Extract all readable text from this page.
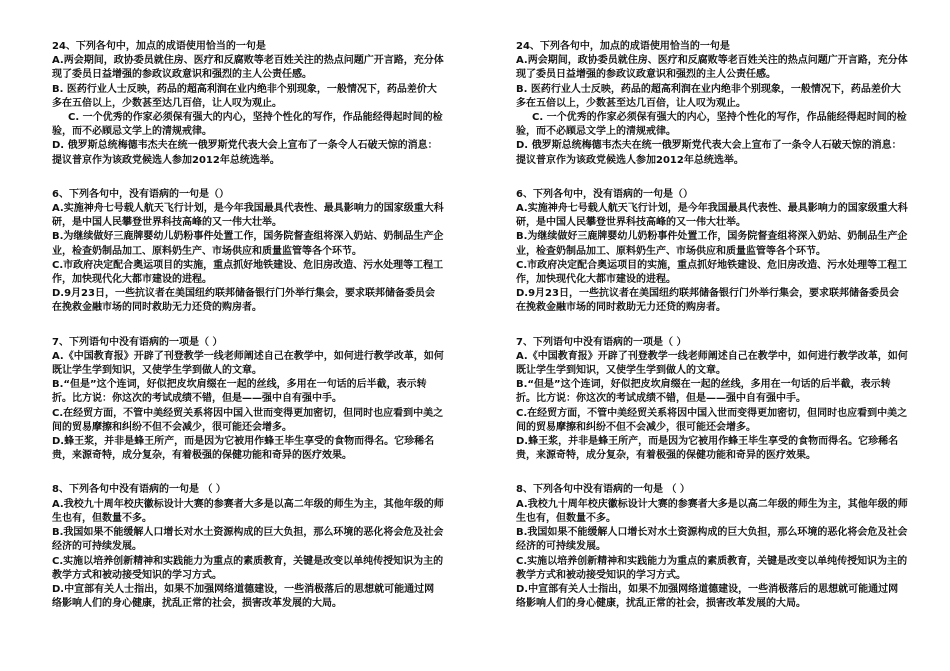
24、下列各句中，加点的成语使用恰当的一句是

A.两会期间，政协委员就住房、医疗和反腐败等老百姓关注的热点问题广开言路，充分体现了委员日益增强的参政议政意识和强烈的主人公责任感。

B. 医药行业人士反映，药品的超高利润在业内绝非个别现象，一般情况下，药品差价大多在五倍以上，少数甚至达几百倍，让人叹为观止。

C. 一个优秀的作家必须保有强大的内心，坚持个性化的写作，作品能经得起时间的检验，而不必顾忌文学上的清规戒律。

D. 俄罗斯总统梅德韦杰夫在统一俄罗斯党代表大会上宣布了一条令人石破天惊的消息：提议普京作为该政党候选人参加2012年总统选举。

6、下列各句中，没有语病的一句是（）

A.实施神舟七号载人航天飞行计划，是今年我国最具代表性、最具影响力的国家级重大科研，是中国人民攀登世界科技高峰的又一伟大壮举。

B.为继续做好三鹿牌婴幼儿奶粉事件处置工作，国务院督查组将深入奶站、奶制品生产企业，检查奶制品加工、原料奶生产、市场供应和质量监管等各个环节。

C.市政府决定配合奥运项目的实施，重点抓好地铁建设、危旧房改造、污水处理等工程工作，加快现代化大都市建设的进程。

D.9月23日，一些抗议者在美国纽约联邦储备银行门外举行集会，要求联邦储备委员会在挽救金融市场的同时救助无力还贷的购房者。

7、下列语句中没有语病的一项是（ ）

A.《中国教育报》开辟了刊登教学一线老师阐述自己在教学中，如何进行教学改革，如何既让学生学到知识，又使学生学到做人的文章。

B.“但是”这个连词，好似把皮坎肩缀在一起的丝线，多用在一句话的后半截，表示转折。比方说：你这次的考试成绩不错，但是——强中自有强中手。

C.在经贸方面，不管中美经贸关系将因中国入世而变得更加密切，但同时也应看到中美之间的贸易摩擦和纠纷不但不会减少，很可能还会增多。

D.蜂王浆，并非是蜂王所产，而是因为它被用作蜂王毕生享受的食物而得名。它珍稀名贵，来源奇特，成分复杂，有着极强的保健功能和奇异的医疗效果。

8、下列各句中没有语病的一句是 （ ）

A.我校九十周年校庆徽标设计大赛的参赛者大多是以高二年级的师生为主，其他年级的师生也有，但数量不多。

B.我国如果不能缓解人口增长对水土资源构成的巨大负担，那么环境的恶化将会危及社会经济的可持续发展。

C.实施以培养创新精神和实践能力为重点的素质教育，关键是改变以单纯传授知识为主的教学方式和被动接受知识的学习方式。

D.中宣部有关人士指出，如果不加强网络道德建设，一些消极落后的思想就可能通过网络影响人们的身心健康，扰乱正常的社会，损害改革发展的大局。

24、下列各句中，加点的成语使用恰当的一句是

A.两会期间，政协委员就住房、医疗和反腐败等老百姓关注的热点问题广开言路，充分体现了委员日益增强的参政议政意识和强烈的主人公责任感。

B. 医药行业人士反映，药品的超高利润在业内绝非个别现象，一般情况下，药品差价大多在五倍以上，少数甚至达几百倍，让人叹为观止。

C. 一个优秀的作家必须保有强大的内心，坚持个性化的写作，作品能经得起时间的检验，而不必顾忌文学上的清规戒律。

D. 俄罗斯总统梅德韦杰夫在统一俄罗斯党代表大会上宣布了一条令人石破天惊的消息：提议普京作为该政党候选人参加2012年总统选举。

6、下列各句中，没有语病的一句是（）

A.实施神舟七号载人航天飞行计划，是今年我国最具代表性、最具影响力的国家级重大科研，是中国人民攀登世界科技高峰的又一伟大壮举。

B.为继续做好三鹿牌婴幼儿奶粉事件处置工作，国务院督查组将深入奶站、奶制品生产企业，检查奶制品加工、原料奶生产、市场供应和质量监管等各个环节。

C.市政府决定配合奥运项目的实施，重点抓好地铁建设、危旧房改造、污水处理等工程工作，加快现代化大都市建设的进程。

D.9月23日，一些抗议者在美国纽约联邦储备银行门外举行集会，要求联邦储备委员会在挽救金融市场的同时救助无力还贷的购房者。

7、下列语句中没有语病的一项是（ ）

A.《中国教育报》开辟了刊登教学一线老师阐述自己在教学中，如何进行教学改革，如何既让学生学到知识，又使学生学到做人的文章。

B.“但是”这个连词，好似把皮坎肩缀在一起的丝线，多用在一句话的后半截，表示转折。比方说：你这次的考试成绩不错，但是——强中自有强中手。

C.在经贸方面，不管中美经贸关系将因中国入世而变得更加密切，但同时也应看到中美之间的贸易摩擦和纠纷不但不会减少，很可能还会增多。

D.蜂王浆，并非是蜂王所产，而是因为它被用作蜂王毕生享受的食物而得名。它珍稀名贵，来源奇特，成分复杂，有着极强的保健功能和奇异的医疗效果。

8、下列各句中没有语病的一句是 （ ）

A.我校九十周年校庆徽标设计大赛的参赛者大多是以高二年级的师生为主，其他年级的师生也有，但数量不多。

B.我国如果不能缓解人口增长对水土资源构成的巨大负担，那么环境的恶化将会危及社会经济的可持续发展。

C.实施以培养创新精神和实践能力为重点的素质教育，关键是改变以单纯传授知识为主的教学方式和被动接受知识的学习方式。

D.中宣部有关人士指出，如果不加强网络道德建设，一些消极落后的思想就可能通过网络影响人们的身心健康，扰乱正常的社会，损害改革发展的大局。
